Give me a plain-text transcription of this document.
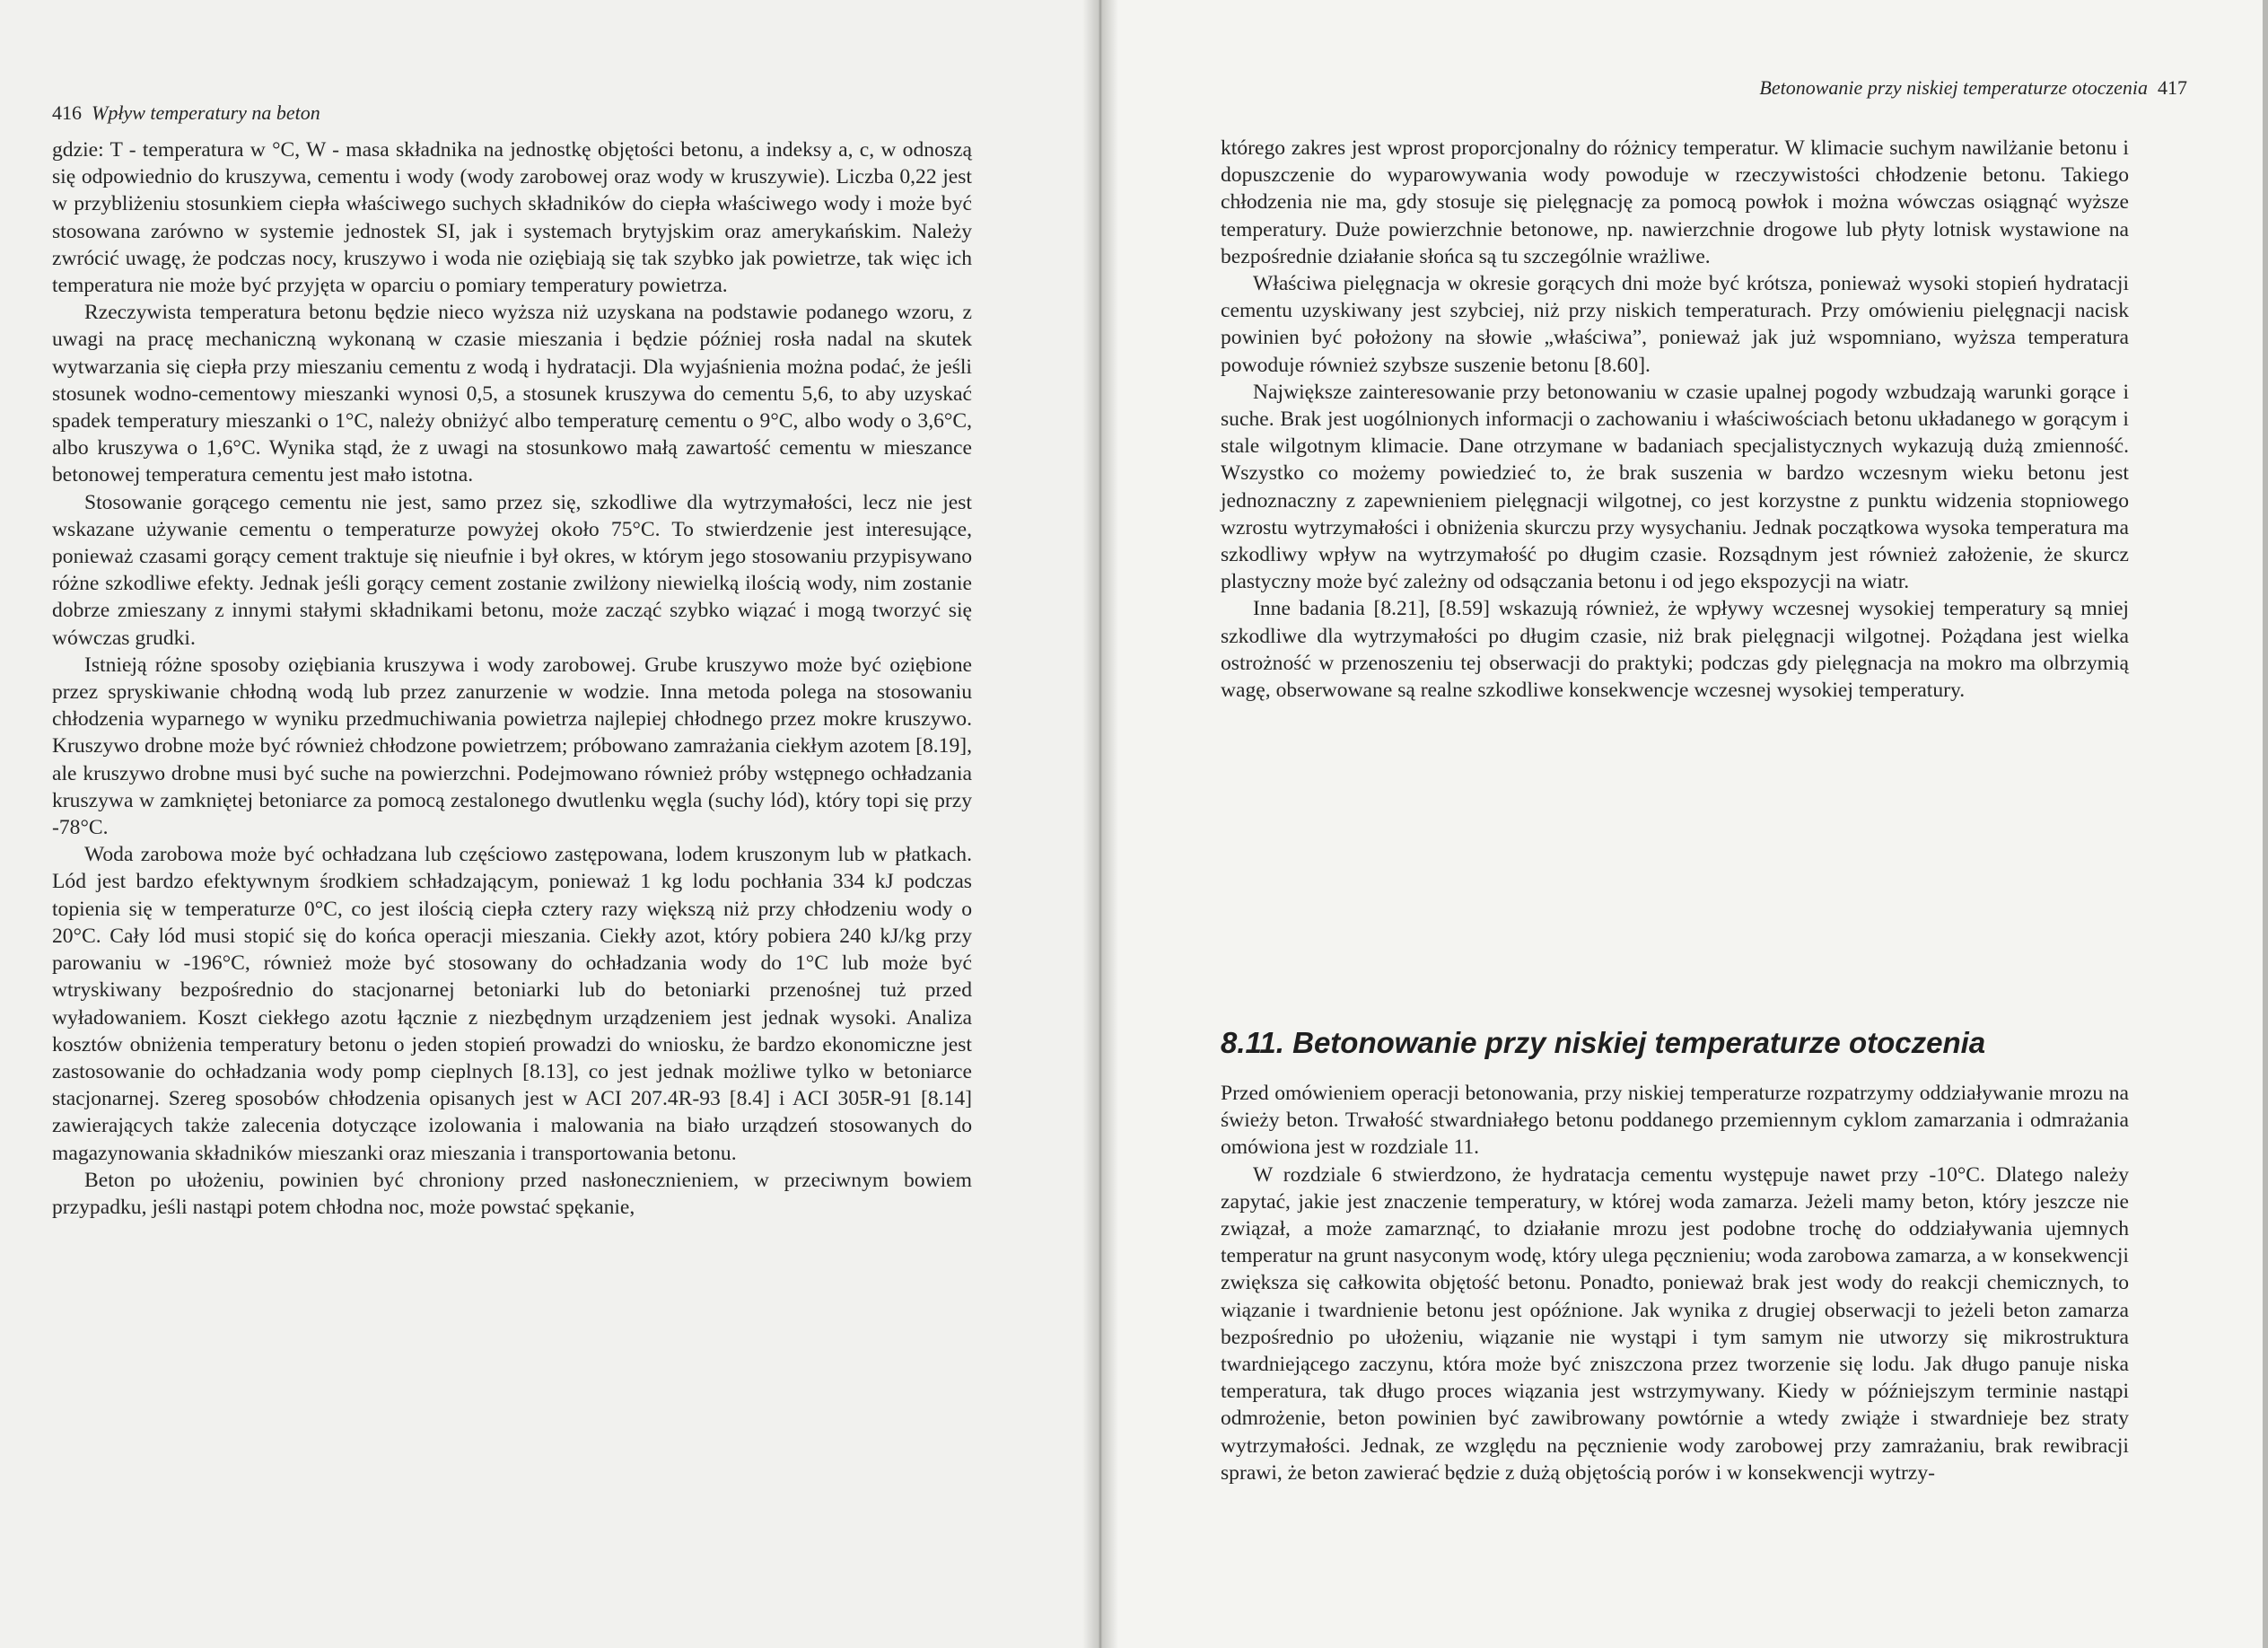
416 Wpływ temperatury na beton

gdzie: T - temperatura w °C, W - masa składnika na jednostkę objętości betonu, a indeksy a, c, w odnoszą się odpowiednio do kruszywa, cementu i wody (wody zarobowej oraz wody w kruszywie). Liczba 0,22 jest w przybliżeniu stosunkiem ciepła właściwego suchych składników do ciepła właściwego wody i może być stosowana zarówno w systemie jednostek SI, jak i systemach brytyjskim oraz amerykańskim. Należy zwrócić uwagę, że podczas nocy, kruszywo i woda nie oziębiają się tak szybko jak powietrze, tak więc ich temperatura nie może być przyjęta w oparciu o pomiary temperatury powietrza.

Rzeczywista temperatura betonu będzie nieco wyższa niż uzyskana na podstawie podanego wzoru, z uwagi na pracę mechaniczną wykonaną w czasie mieszania i będzie później rosła nadal na skutek wytwarzania się ciepła przy mieszaniu cementu z wodą i hydratacji. Dla wyjaśnienia można podać, że jeśli stosunek wodno-cementowy mieszanki wynosi 0,5, a stosunek kruszywa do cementu 5,6, to aby uzyskać spadek temperatury mieszanki o 1°C, należy obniżyć albo temperaturę cementu o 9°C, albo wody o 3,6°C, albo kruszywa o 1,6°C. Wynika stąd, że z uwagi na stosunkowo małą zawartość cementu w mieszance betonowej temperatura cementu jest mało istotna.

Stosowanie gorącego cementu nie jest, samo przez się, szkodliwe dla wytrzymałości, lecz nie jest wskazane używanie cementu o temperaturze powyżej około 75°C. To stwierdzenie jest interesujące, ponieważ czasami gorący cement traktuje się nieufnie i był okres, w którym jego stosowaniu przypisywano różne szkodliwe efekty. Jednak jeśli gorący cement zostanie zwilżony niewielką ilością wody, nim zostanie dobrze zmieszany z innymi stałymi składnikami betonu, może zacząć szybko wiązać i mogą tworzyć się wówczas grudki.

Istnieją różne sposoby oziębiania kruszywa i wody zarobowej. Grube kruszywo może być oziębione przez spryskiwanie chłodną wodą lub przez zanurzenie w wodzie. Inna metoda polega na stosowaniu chłodzenia wyparnego w wyniku przedmuchiwania powietrza najlepiej chłodnego przez mokre kruszywo. Kruszywo drobne może być również chłodzone powietrzem; próbowano zamrażania ciekłym azotem [8.19], ale kruszywo drobne musi być suche na powierzchni. Podejmowano również próby wstępnego ochładzania kruszywa w zamkniętej betoniarce za pomocą zestalonego dwutlenku węgla (suchy lód), który topi się przy -78°C.

Woda zarobowa może być ochładzana lub częściowo zastępowana, lodem kruszonym lub w płatkach. Lód jest bardzo efektywnym środkiem schładzającym, ponieważ 1 kg lodu pochłania 334 kJ podczas topienia się w temperaturze 0°C, co jest ilością ciepła cztery razy większą niż przy chłodzeniu wody o 20°C. Cały lód musi stopić się do końca operacji mieszania. Ciekły azot, który pobiera 240 kJ/kg przy parowaniu w -196°C, również może być stosowany do ochładzania wody do 1°C lub może być wtryskiwany bezpośrednio do stacjonarnej betoniarki lub do betoniarki przenośnej tuż przed wyładowaniem. Koszt ciekłego azotu łącznie z niezbędnym urządzeniem jest jednak wysoki. Analiza kosztów obniżenia temperatury betonu o jeden stopień prowadzi do wniosku, że bardzo ekonomiczne jest zastosowanie do ochładzania wody pomp cieplnych [8.13], co jest jednak możliwe tylko w betoniarce stacjonarnej. Szereg sposobów chłodzenia opisanych jest w ACI 207.4R-93 [8.4] i ACI 305R-91 [8.14] zawierających także zalecenia dotyczące izolowania i malowania na biało urządzeń stosowanych do magazynowania składników mieszanki oraz mieszania i transportowania betonu.

Beton po ułożeniu, powinien być chroniony przed nasłonecznieniem, w przeciwnym bowiem przypadku, jeśli nastąpi potem chłodna noc, może powstać spękanie,

Betonowanie przy niskiej temperaturze otoczenia 417

którego zakres jest wprost proporcjonalny do różnicy temperatur. W klimacie suchym nawilżanie betonu i dopuszczenie do wyparowywania wody powoduje w rzeczywistości chłodzenie betonu. Takiego chłodzenia nie ma, gdy stosuje się pielęgnację za pomocą powłok i można wówczas osiągnąć wyższe temperatury. Duże powierzchnie betonowe, np. nawierzchnie drogowe lub płyty lotnisk wystawione na bezpośrednie działanie słońca są tu szczególnie wrażliwe.

Właściwa pielęgnacja w okresie gorących dni może być krótsza, ponieważ wysoki stopień hydratacji cementu uzyskiwany jest szybciej, niż przy niskich temperaturach. Przy omówieniu pielęgnacji nacisk powinien być położony na słowie „właściwa”, ponieważ jak już wspomniano, wyższa temperatura powoduje również szybsze suszenie betonu [8.60].

Największe zainteresowanie przy betonowaniu w czasie upalnej pogody wzbudzają warunki gorące i suche. Brak jest uogólnionych informacji o zachowaniu i właściwościach betonu układanego w gorącym i stale wilgotnym klimacie. Dane otrzymane w badaniach specjalistycznych wykazują dużą zmienność. Wszystko co możemy powiedzieć to, że brak suszenia w bardzo wczesnym wieku betonu jest jednoznaczny z zapewnieniem pielęgnacji wilgotnej, co jest korzystne z punktu widzenia stopniowego wzrostu wytrzymałości i obniżenia skurczu przy wysychaniu. Jednak początkowa wysoka temperatura ma szkodliwy wpływ na wytrzymałość po długim czasie. Rozsądnym jest również założenie, że skurcz plastyczny może być zależny od odsączania betonu i od jego ekspozycji na wiatr.

Inne badania [8.21], [8.59] wskazują również, że wpływy wczesnej wysokiej temperatury są mniej szkodliwe dla wytrzymałości po długim czasie, niż brak pielęgnacji wilgotnej. Pożądana jest wielka ostrożność w przenoszeniu tej obserwacji do praktyki; podczas gdy pielęgnacja na mokro ma olbrzymią wagę, obserwowane są realne szkodliwe konsekwencje wczesnej wysokiej temperatury.

8.11. Betonowanie przy niskiej temperaturze otoczenia

Przed omówieniem operacji betonowania, przy niskiej temperaturze rozpatrzymy oddziaływanie mrozu na świeży beton. Trwałość stwardniałego betonu poddanego przemiennym cyklom zamarzania i odmrażania omówiona jest w rozdziale 11.

W rozdziale 6 stwierdzono, że hydratacja cementu występuje nawet przy -10°C. Dlatego należy zapytać, jakie jest znaczenie temperatury, w której woda zamarza. Jeżeli mamy beton, który jeszcze nie związał, a może zamarznąć, to działanie mrozu jest podobne trochę do oddziaływania ujemnych temperatur na grunt nasyconym wodę, który ulega pęcznieniu; woda zarobowa zamarza, a w konsekwencji zwiększa się całkowita objętość betonu. Ponadto, ponieważ brak jest wody do reakcji chemicznych, to wiązanie i twardnienie betonu jest opóźnione. Jak wynika z drugiej obserwacji to jeżeli beton zamarza bezpośrednio po ułożeniu, wiązanie nie wystąpi i tym samym nie utworzy się mikrostruktura twardniejącego zaczynu, która może być zniszczona przez tworzenie się lodu. Jak długo panuje niska temperatura, tak długo proces wiązania jest wstrzymywany. Kiedy w późniejszym terminie nastąpi odmrożenie, beton powinien być zawibrowany powtórnie a wtedy zwiąże i stwardnieje bez straty wytrzymałości. Jednak, ze względu na pęcznienie wody zarobowej przy zamrażaniu, brak rewibracji sprawi, że beton zawierać będzie z dużą objętością porów i w konsekwencji wytrzy-
